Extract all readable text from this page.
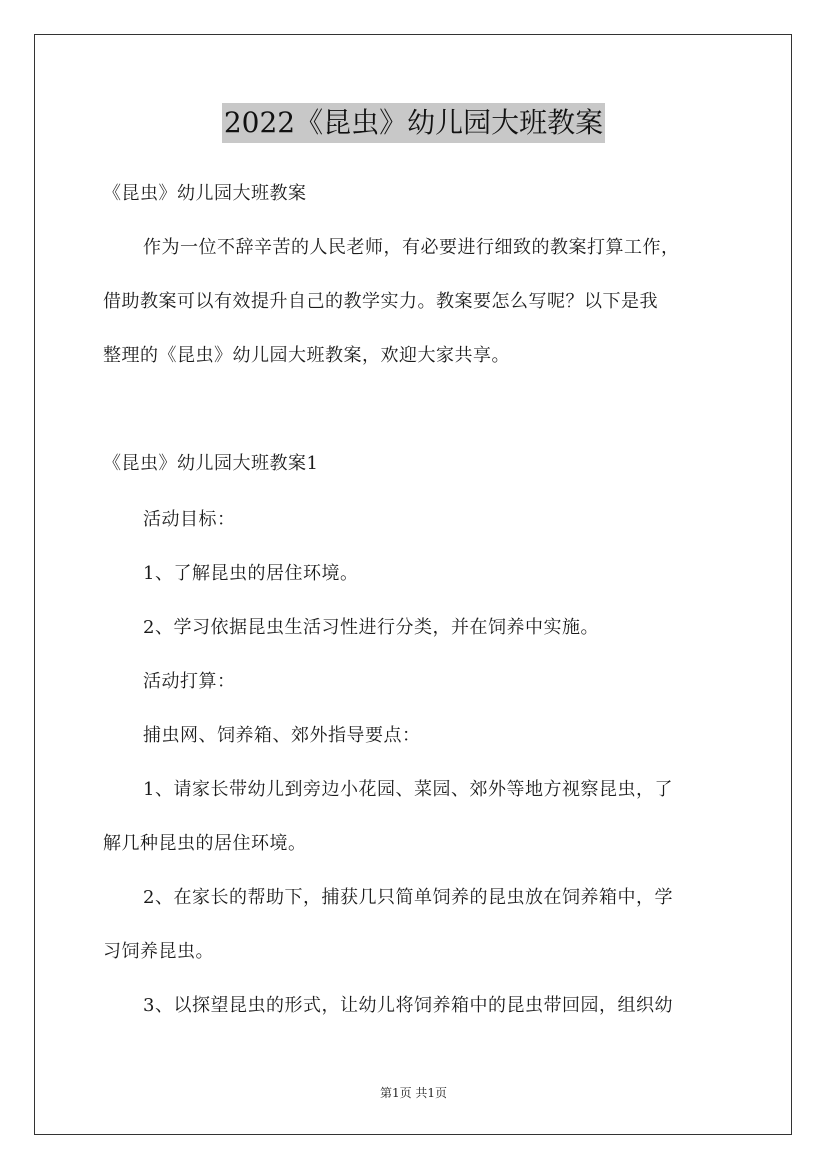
2022《昆虫》幼儿园大班教案
《昆虫》幼儿园大班教案
作为一位不辞辛苦的人民老师，有必要进行细致的教案打算工作，
借助教案可以有效提升自己的教学实力。教案要怎么写呢？以下是我
整理的《昆虫》幼儿园大班教案，欢迎大家共享。
《昆虫》幼儿园大班教案1
活动目标：
1、了解昆虫的居住环境。
2、学习依据昆虫生活习性进行分类，并在饲养中实施。
活动打算：
捕虫网、饲养箱、郊外指导要点：
1、请家长带幼儿到旁边小花园、菜园、郊外等地方视察昆虫，了
解几种昆虫的居住环境。
2、在家长的帮助下，捕获几只简单饲养的昆虫放在饲养箱中，学
习饲养昆虫。
3、以探望昆虫的形式，让幼儿将饲养箱中的昆虫带回园，组织幼
第1页 共1页
